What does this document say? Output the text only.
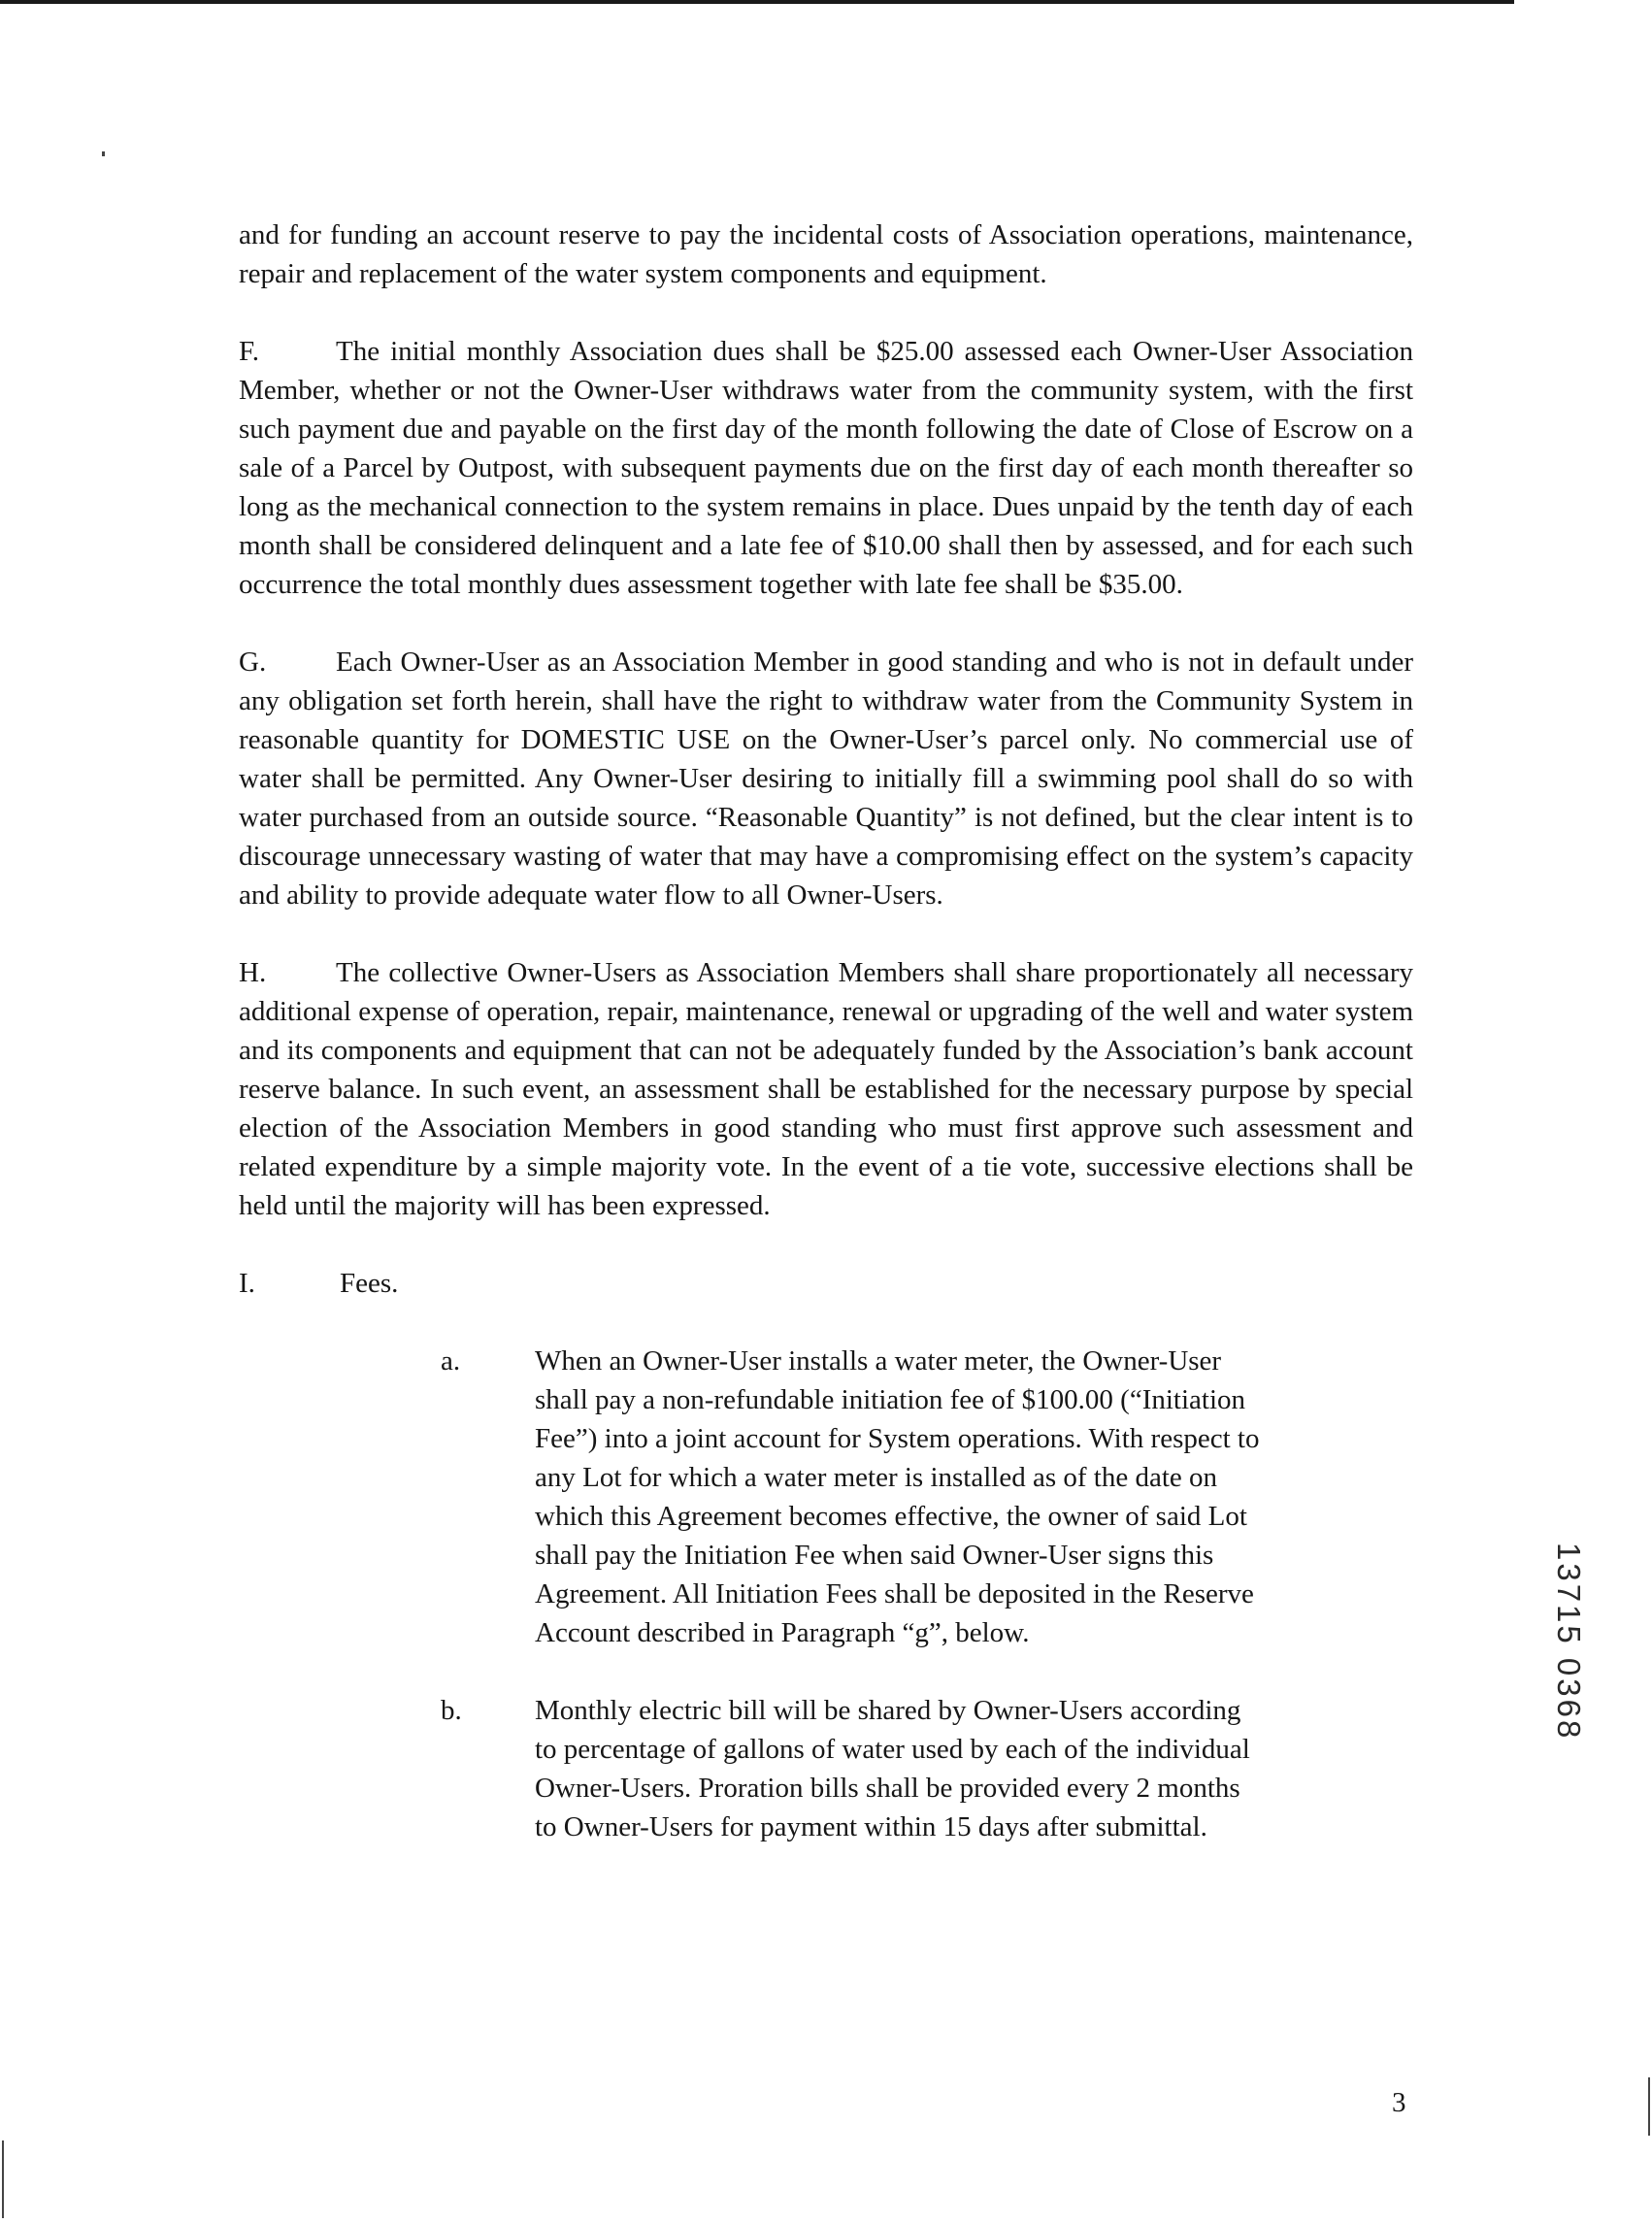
and for funding an account reserve to pay the incidental costs of Association operations, maintenance, repair and replacement of the water system components and equipment.

F.	The initial monthly Association dues shall be $25.00 assessed each Owner-User Association Member, whether or not the Owner-User withdraws water from the community system, with the first such payment due and payable on the first day of the month following the date of Close of Escrow on a sale of a Parcel by Outpost, with subsequent payments due on the first day of each month thereafter so long as the mechanical connection to the system remains in place. Dues unpaid by the tenth day of each month shall be considered delinquent and a late fee of $10.00 shall then by assessed, and for each such occurrence the total monthly dues assessment together with late fee shall be $35.00.
G. Each Owner-User as an Association Member in good standing and who is not in default under any obligation set forth herein, shall have the right to withdraw water from the Community System in reasonable quantity for DOMESTIC USE on the Owner-User’s parcel only. No commercial use of water shall be permitted. Any Owner-User desiring to initially fill a swimming pool shall do so with water purchased from an outside source. “Reasonable Quantity” is not defined, but the clear intent is to discourage unnecessary wasting of water that may have a compromising effect on the system’s capacity and ability to provide adequate water flow to all Owner-Users.
H. The collective Owner-Users as Association Members shall share proportionately all necessary additional expense of operation, repair, maintenance, renewal or upgrading of the well and water system and its components and equipment that can not be adequately funded by the Association’s bank account reserve balance. In such event, an assessment shall be established for the necessary purpose by special election of the Association Members in good standing who must first approve such assessment and related expenditure by a simple majority vote. In the event of a tie vote, successive elections shall be held until the majority will has been expressed.
I.	Fees.
a.	When an Owner-User installs a water meter, the Owner-User shall pay a non-refundable initiation fee of $100.00 (“Initiation Fee”) into a joint account for System operations. With respect to any Lot for which a water meter is installed as of the date on which this Agreement becomes effective, the owner of said Lot shall pay the Initiation Fee when said Owner-User signs this Agreement. All Initiation Fees shall be deposited in the Reserve Account described in Paragraph “g”, below.
b.	Monthly electric bill will be shared by Owner-Users according to percentage of gallons of water used by each of the individual Owner-Users. Proration bills shall be provided every 2 months to Owner-Users for payment within 15 days after submittal.
13715 0368
3
